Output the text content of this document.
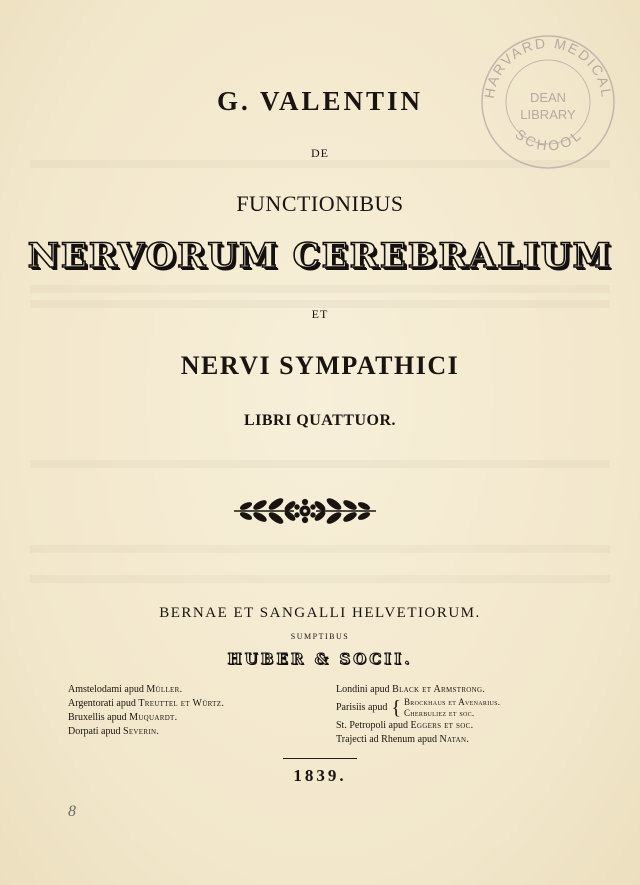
HARVARD MEDICAL
DEAN
LIBRARY
SCHOOL
G. VALENTIN
DE
FUNCTIONIBUS
NERVORUM CEREBRALIUM
ET
NERVI SYMPATHICI
LIBRI QUATTUOR.
BERNAE ET SANGALLI HELVETIORUM.
SUMPTIBUS
HUBER & SOCII.
Amstelodami apud Müller.
Argentorati apud Treuttel et Würtz.
Bruxellis apud Muquardt.
Dorpati apud Severin.
Londini apud Black et Armstrong.
Parisiis apud { Brockhaus et Avenarius.
Cherbuliez et soc.
St. Petropoli apud Eggers et soc.
Trajecti ad Rhenum apud Natan.
1839.
8
